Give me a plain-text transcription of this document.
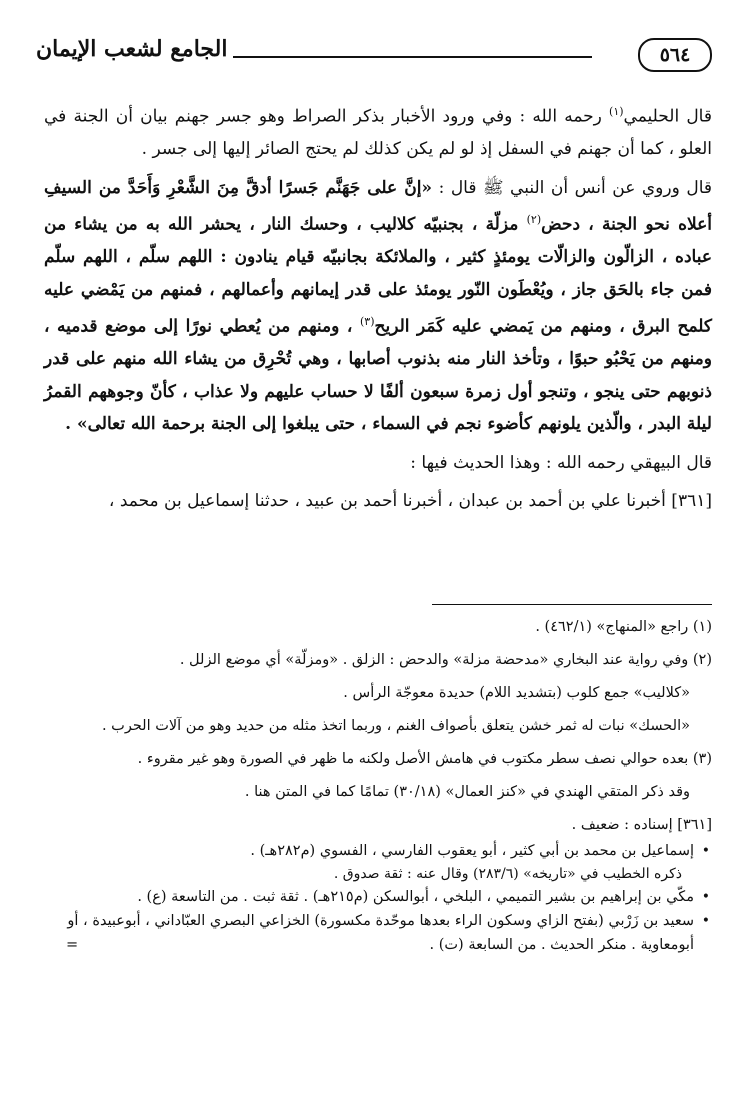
٥٦٤
الجامع لشعب الإيمان

قال الحليمي$^{(١)}$ رحمه الله : وفي ورود الأخبار بذكر الصراط وهو جسر جهنم بيان أن الجنة في العلو ، كما أن جهنم في السفل إذ لو لم يكن كذلك لم يحتج الصائر إليها إلى جسر .

قال وروي عن أنس أن النبي ﷺ قال : «إنَّ على جَهَنَّم جَسرًا أدقَّ مِنَ الشَّعْرِ وَأَحَدَّ من السيفِ أعلاه نحو الجنة ، دحض$^{(٢)}$ مزلّة ، بجنبيّه كلاليب ، وحسك النار ، يحشر الله به من يشاء من عباده ، الزالّون والزالّات يومئذٍ كثير ، والملائكة بجانبيّه قيام ينادون : اللهم سلّم ، اللهم سلّم فمن جاء بالحَق جاز ، ويُعْطَون النّور يومئذ على قدر إيمانهم وأعمالهم ، فمنهم من يَمْضي عليه كلمح البرق ، ومنهم من يَمضي عليه كَمَر الريح$^{(٣)}$ ، ومنهم من يُعطي نورًا إلى موضع قدميه ، ومنهم من يَحْبُو حبوًا ، وتأخذ النار منه بذنوب أصابها ، وهي تُحْرِق من يشاء الله منهم على قدر ذنوبهم حتى ينجو ، وتنجو أول زمرة سبعون ألفًا لا حساب عليهم ولا عذاب ، كأنّ وجوههم القمرُ ليلة البدر ، والّذين يلونهم كأضوء نجم في السماء ، حتى يبلغوا إلى الجنة برحمة الله تعالى» .

قال البيهقي رحمه الله : وهذا الحديث فيها :

[٣٦١] أخبرنا علي بن أحمد بن عبدان ، أخبرنا أحمد بن عبيد ، حدثنا إسماعيل بن محمد ،

(١) راجع «المنهاج» (٤٦٢/١) .

(٢) وفي رواية عند البخاري «مدحضة مزلة» والدحض : الزلق . «ومزلّة» أي موضع الزلل .

«كلاليب» جمع كلوب (بتشديد اللام) حديدة معوجّة الرأس .

«الحسك» نبات له ثمر خشن يتعلق بأصواف الغنم ، وربما اتخذ مثله من حديد وهو من آلات الحرب .

(٣) بعده حوالي نصف سطر مكتوب في هامش الأصل ولكنه ما ظهر في الصورة وهو غير مقروء .

وقد ذكر المتقي الهندي في «كنز العمال» (٣٠/١٨) تمامًا كما في المتن هنا .

[٣٦١] إسناده : ضعيف .

•
إسماعيل بن محمد بن أبي كثير ، أبو يعقوب الفارسي ، الفسوي (م٢٨٢هـ) .

ذكره الخطيب في «تاريخه» (٢٨٣/٦) وقال عنه : ثقة صدوق .

•
مكّي بن إبراهيم بن بشير التميمي ، البلخي ، أبوالسكن (م٢١٥هـ) . ثقة ثبت . من التاسعة (ع) .
•
سعيد بن زَرْبي (بفتح الزاي وسكون الراء بعدها موحّدة مكسورة) الخزاعي البصري العبّاداني ، أبوعبيدة ، أو أبومعاوية . منكر الحديث . من السابعة (ت) .
=
